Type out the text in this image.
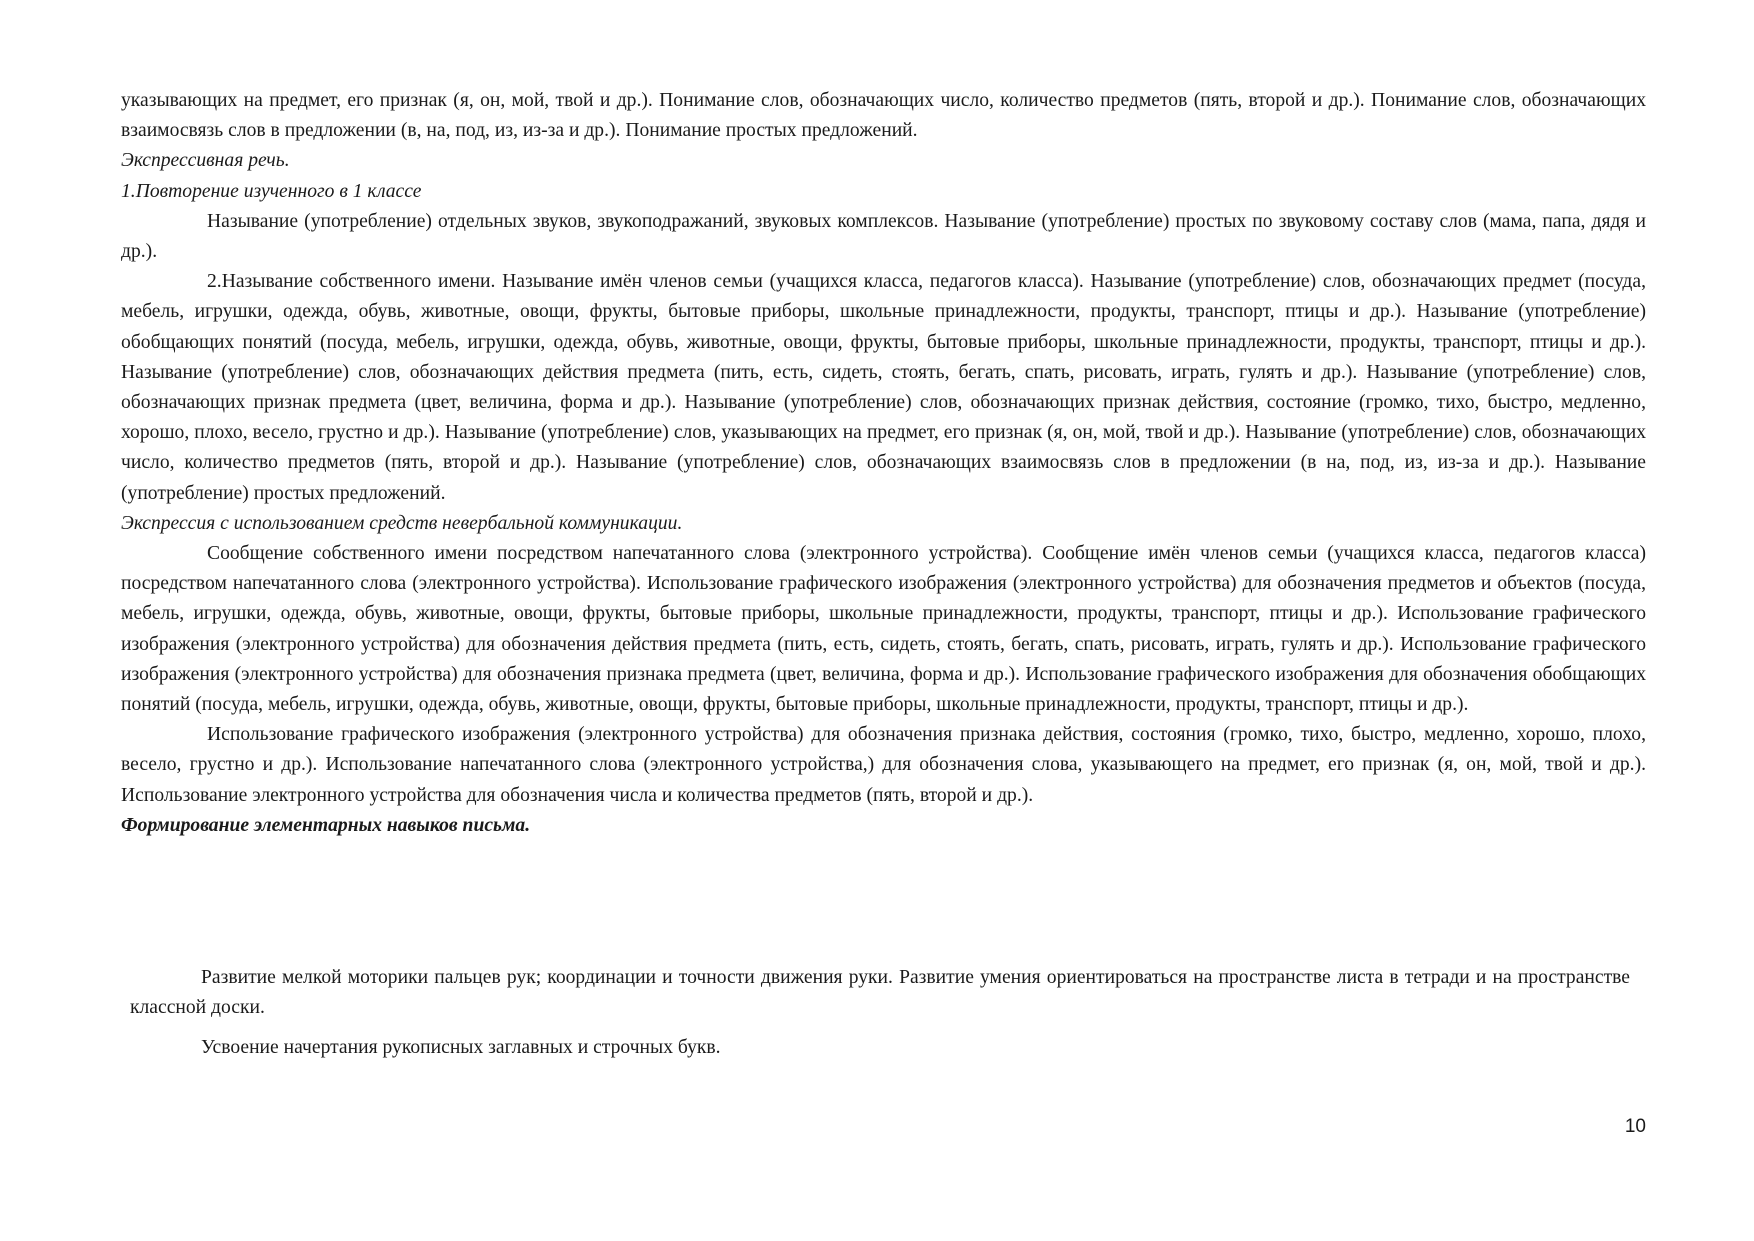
указывающих на предмет, его признак (я, он, мой, твой и др.). Понимание слов, обозначающих число, количество предметов (пять, второй и др.). Понимание слов, обозначающих взаимосвязь слов в предложении (в, на, под, из, из-за и др.). Понимание простых предложений.

Экспрессивная речь.

1.Повторение изученного в 1 классе

Называние (употребление) отдельных звуков, звукоподражаний, звуковых комплексов. Называние (употребление) простых по звуковому составу слов (мама, папа, дядя и др.).

2.Называние собственного имени. Называние имён членов семьи (учащихся класса, педагогов класса). Называние (употребление) слов, обозначающих предмет (посуда, мебель, игрушки, одежда, обувь, животные, овощи, фрукты, бытовые приборы, школьные принадлежности, продукты, транспорт, птицы и др.). Называние (употребление) обобщающих понятий (посуда, мебель, игрушки, одежда, обувь, животные, овощи, фрукты, бытовые приборы, школьные принадлежности, продукты, транспорт, птицы и др.). Называние (употребление) слов, обозначающих действия предмета (пить, есть, сидеть, стоять, бегать, спать, рисовать, играть, гулять и др.). Называние (употребление) слов, обозначающих признак предмета (цвет, величина, форма и др.). Называние (употребление) слов, обозначающих признак действия, состояние (громко, тихо, быстро, медленно, хорошо, плохо, весело, грустно и др.). Называние (употребление) слов, указывающих на предмет, его признак (я, он, мой, твой и др.). Называние (употребление) слов, обозначающих число, количество предметов (пять, второй и др.). Называние (употребление) слов, обозначающих взаимосвязь слов в предложении (в на, под, из, из-за и др.). Называние (употребление) простых предложений.

Экспрессия с использованием средств невербальной коммуникации.

Сообщение собственного имени посредством напечатанного слова (электронного устройства). Сообщение имён членов семьи (учащихся класса, педагогов класса) посредством напечатанного слова (электронного устройства). Использование графического изображения (электронного устройства) для обозначения предметов и объектов (посуда, мебель, игрушки, одежда, обувь, животные, овощи, фрукты, бытовые приборы, школьные принадлежности, продукты, транспорт, птицы и др.). Использование графического изображения (электронного устройства) для обозначения действия предмета (пить, есть, сидеть, стоять, бегать, спать, рисовать, играть, гулять и др.). Использование графического изображения (электронного устройства) для обозначения признака предмета (цвет, величина, форма и др.). Использование графического изображения для обозначения обобщающих понятий (посуда, мебель, игрушки, одежда, обувь, животные, овощи, фрукты, бытовые приборы, школьные принадлежности, продукты, транспорт, птицы и др.).

Использование графического изображения (электронного устройства) для обозначения признака действия, состояния (громко, тихо, быстро, медленно, хорошо, плохо, весело, грустно и др.). Использование напечатанного слова (электронного устройства,) для обозначения слова, указывающего на предмет, его признак (я, он, мой, твой и др.). Использование электронного устройства для обозначения числа и количества предметов (пять, второй и др.).

Формирование элементарных навыков письма.

Развитие мелкой моторики пальцев рук; координации и точности движения руки. Развитие умения ориентироваться на пространстве листа в тетради и на пространстве классной доски.

Усвоение начертания рукописных заглавных и строчных букв.

10
